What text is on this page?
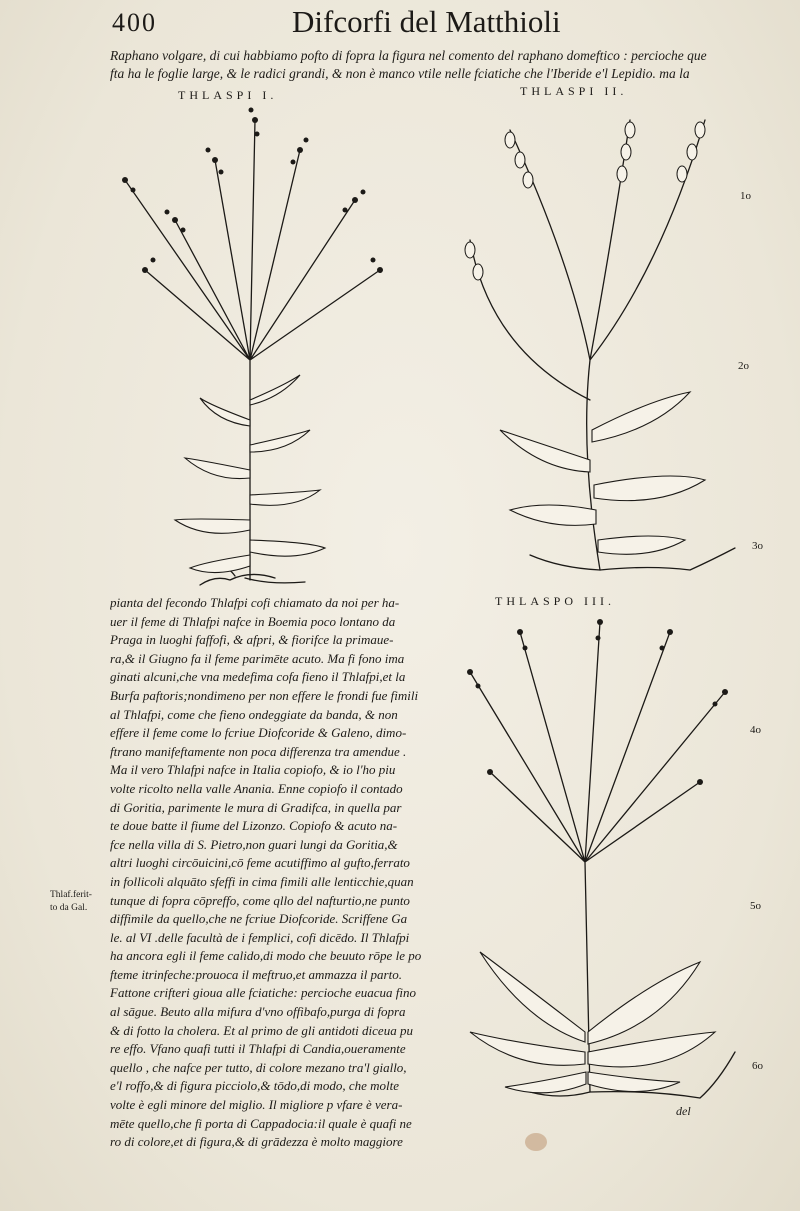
400	Difcorfi del Matthioli
Raphano volgare, di cui habbiamo pofto di fopra la figura nel comento del raphano domeftico : percioche que
fta ha le foglie large, & le radici grandi, & non è manco vtile nelle fciatiche che l'Iberide e'l Lepidio. ma la
THLASPI I.	THLASPI II.
THLASPO III.
pianta del fecondo Thlafpi cofi chiamato da noi per ha-
uer il feme di Thlafpi nafce in Boemia poco lontano da
Praga in luoghi faffofi, & afpri, & fiorifce la primaue-
ra,& il Giugno fa il feme parimēte acuto. Ma fi fono ima
ginati alcuni,che vna medefima cofa fieno il Thlafpi,et la
Burfa paftoris;nondimeno per non effere le frondi fue fimili
al Thlafpi, come che fieno ondeggiate da banda, & non
effere il feme come lo fcriue Diofcoride & Galeno, dimo-
ftrano manifeftamente non poca differenza tra amendue .
Ma il vero Thlafpi nafce in Italia copiofo, & io l'ho piu
volte ricolto nella valle Anania. Enne copiofo il contado
di Goritia, parimente le mura di Gradifca, in quella par
te doue batte il fiume del Lizonzo. Copiofo & acuto na-
fce nella villa di S. Pietro,non guari lungi da Goritia,&
altri luoghi circōuicini,cō feme acutiffimo al gufto,ferrato
in follicoli alquāto sfeffi in cima fimili alle lenticchie,quan
tunque di fopra cōpreffo, come qllo del nafturtio,ne punto
diffimile da quello,che ne fcriue Diofcoride. Scriffene Ga
le. al VI .delle facultà de i femplici, cofi dicēdo. Il Thlafpi
ha ancora egli il feme calido,di modo che beuuto rōpe le po
fteme itrinfeche:prouoca il meftruo,et ammazza il parto.
Fattone crifteri gioua alle fciatiche: percioche euacua fino
al sāgue. Beuto alla mifura d'vno offibafo,purga di fopra
& di fotto la cholera. Et al primo de gli antidoti diceua pu
re effo. Vfano quafi tutti il Thlafpi di Candia,oueramente
quello , che nafce per tutto, di colore mezano tra'l giallo,
e'l roffo,& di figura picciolo,& tōdo,di modo, che molte
volte è egli minore del miglio. Il migliore p vfare è vera-
mēte quello,che fi porta di Cappadocia:il quale è quafi ne
ro di colore,et di figura,& di grādezza è molto maggiore
Thlaf.ferit-
to da Gal.
1o
2o
3o
4o
5o
6o
del
